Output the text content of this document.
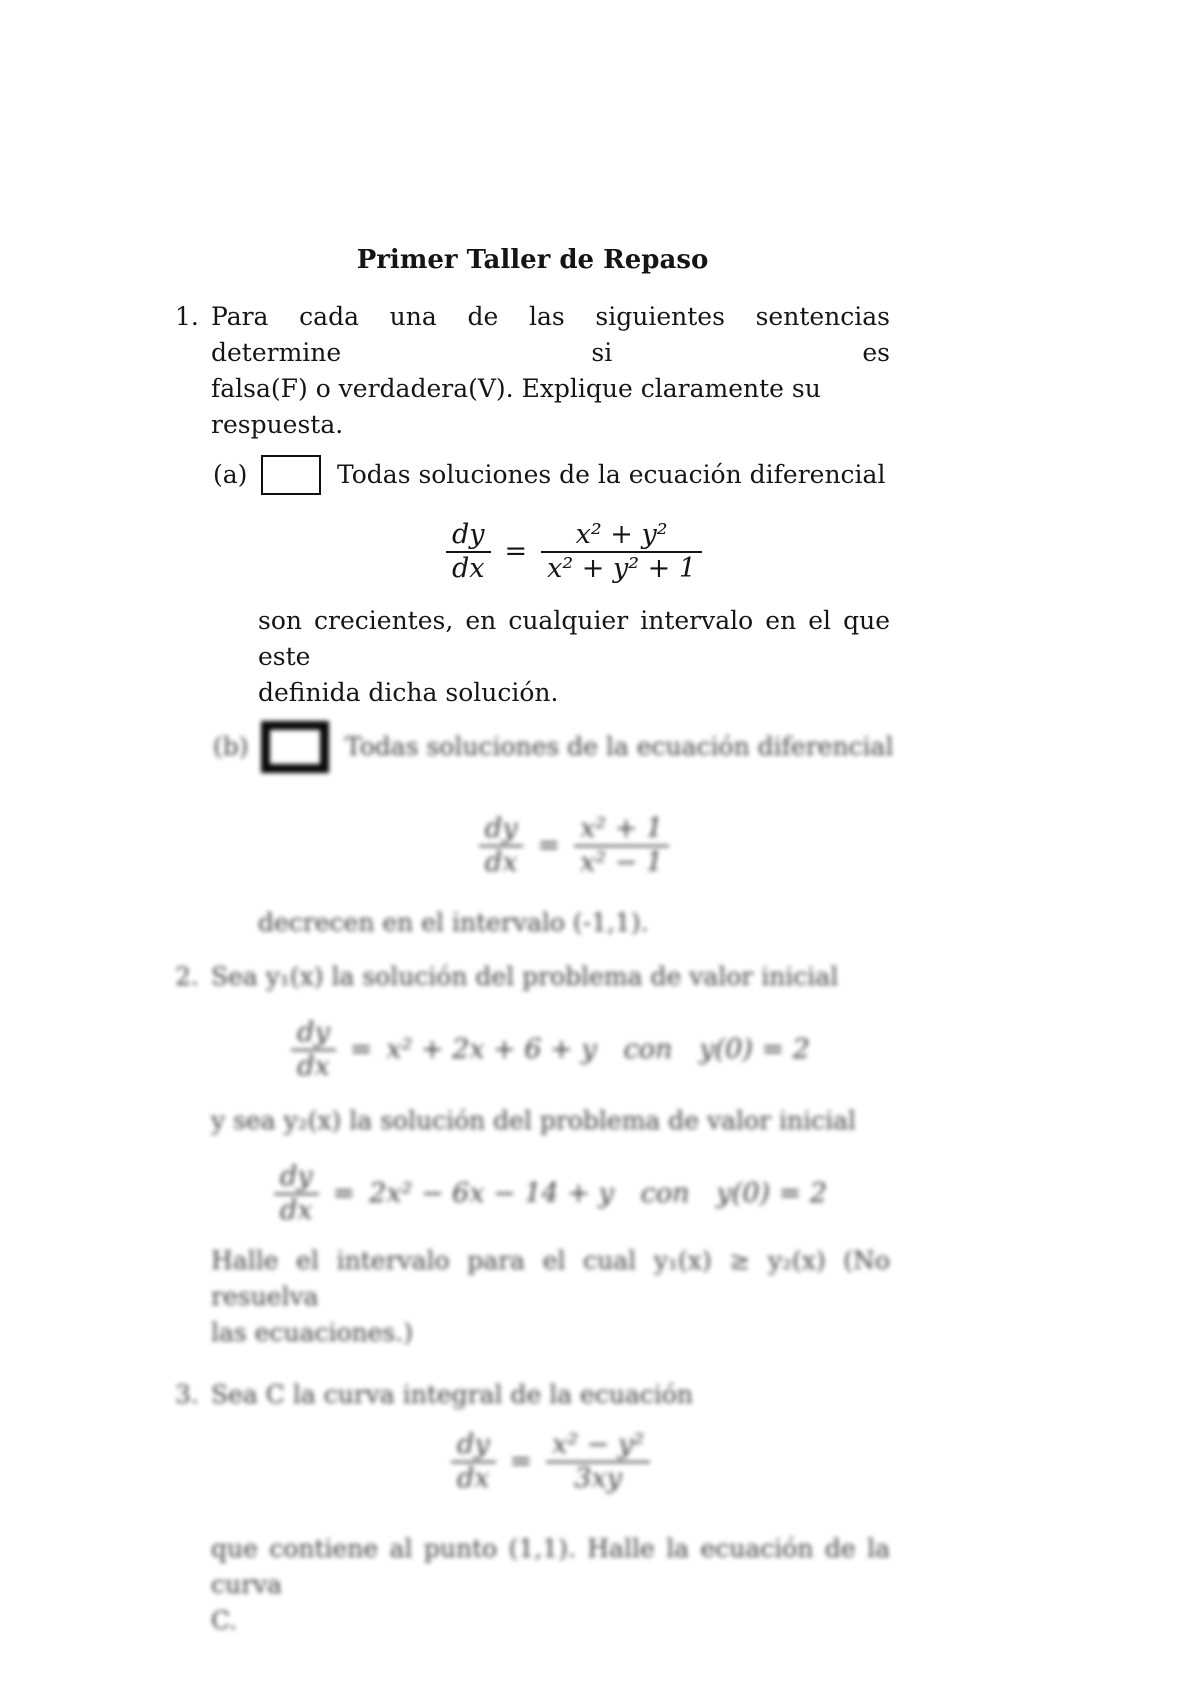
Primer Taller de Repaso
1. Para cada una de las siguientes sentencias determine si es
falsa(F) o verdadera(V). Explique claramente su respuesta.
(a)	Todas soluciones de la ecuación diferencial
$\frac{dy}{dx} = \frac{\text{x² + y²}}{\text{x² + y² + 1}}$
son crecientes, en cualquier intervalo en el que este
definida dicha solución.
(b)	Todas soluciones de la ecuación diferencial
$\frac{dy}{dx} = \frac{\text{x² + 1}}{\text{x² − 1}}$
decrecen en el intervalo (-1,1).
2. Sea y₁(x) la solución del problema de valor inicial
$\frac{dy}{dx} = x^2 + 2x + 6 + y$ con y(0) = 2
y sea y₂(x) la solución del problema de valor inicial
$\frac{dy}{dx} = 2x^2 - 6x - 14 + y$ con y(0) = 2
Halle el intervalo para el cual y₁(x) ≥ y₂(x) (No resuelva
las ecuaciones.)
3. Sea C la curva integral de la ecuación
$\frac{dy}{dx} = \frac{\text{x² − y²}}{3xy}$
que contiene al punto (1,1). Halle la ecuación de la curva
C.
